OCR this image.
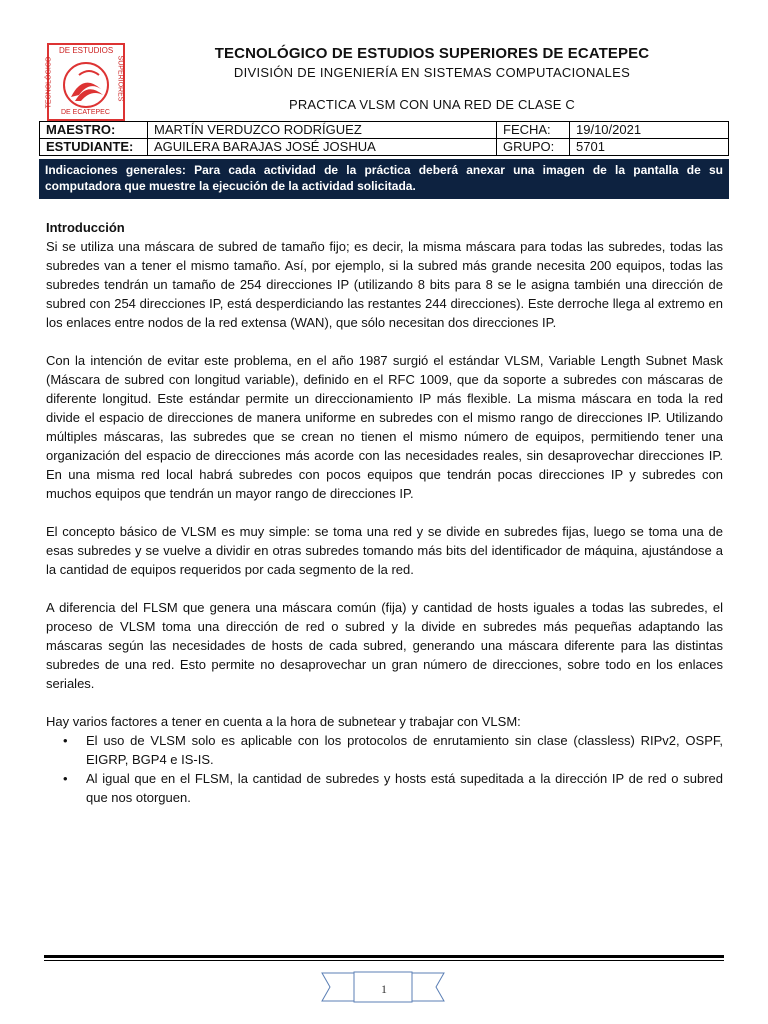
DE ESTUDIOS
TECNOLÓGICO	SUPERIORES
DE ECATEPEC
TECNOLÓGICO DE ESTUDIOS SUPERIORES DE ECATEPEC
DIVISIÓN DE INGENIERÍA EN SISTEMAS COMPUTACIONALES
PRACTICA VLSM CON UNA RED DE CLASE C
MAESTRO:	MARTÍN VERDUZCO RODRÍGUEZ	FECHA:	19/10/2021
ESTUDIANTE:	AGUILERA BARAJAS JOSÉ JOSHUA	GRUPO:	5701
Indicaciones generales: Para cada actividad de la práctica deberá anexar una imagen de la pantalla de su computadora que muestre la ejecución de la actividad solicitada.

Introducción

Si se utiliza una máscara de subred de tamaño fijo; es decir, la misma máscara para todas las subredes, todas las subredes van a tener el mismo tamaño. Así, por ejemplo, si la subred más grande necesita 200 equipos, todas las subredes tendrán un tamaño de 254 direcciones IP (utilizando 8 bits para 8 se le asigna también una dirección de subred con 254 direcciones IP, está desperdiciando las restantes 244 direcciones). Este derroche llega al extremo en los enlaces entre nodos de la red extensa (WAN), que sólo necesitan dos direcciones IP.

Con la intención de evitar este problema, en el año 1987 surgió el estándar VLSM, Variable Length Subnet Mask (Máscara de subred con longitud variable), definido en el RFC 1009, que da soporte a subredes con máscaras de diferente longitud. Este estándar permite un direccionamiento IP más flexible. La misma máscara en toda la red divide el espacio de direcciones de manera uniforme en subredes con el mismo rango de direcciones IP. Utilizando múltiples máscaras, las subredes que se crean no tienen el mismo número de equipos, permitiendo tener una organización del espacio de direcciones más acorde con las necesidades reales, sin desaprovechar direcciones IP. En una misma red local habrá subredes con pocos equipos que tendrán pocas direcciones IP y subredes con muchos equipos que tendrán un mayor rango de direcciones IP.

El concepto básico de VLSM es muy simple: se toma una red y se divide en subredes fijas, luego se toma una de esas subredes y se vuelve a dividir en otras subredes tomando más bits del identificador de máquina, ajustándose a la cantidad de equipos requeridos por cada segmento de la red.

A diferencia del FLSM que genera una máscara común (fija) y cantidad de hosts iguales a todas las subredes, el proceso de VLSM toma una dirección de red o subred y la divide en subredes más pequeñas adaptando las máscaras según las necesidades de hosts de cada subred, generando una máscara diferente para las distintas subredes de una red. Esto permite no desaprovechar un gran número de direcciones, sobre todo en los enlaces seriales.

Hay varios factores a tener en cuenta a la hora de subnetear y trabajar con VLSM:

• El uso de VLSM solo es aplicable con los protocolos de enrutamiento sin clase (classless) RIPv2, OSPF, EIGRP, BGP4 e IS-IS.
• Al igual que en el FLSM, la cantidad de subredes y hosts está supeditada a la dirección IP de red o subred que nos otorguen.
1
